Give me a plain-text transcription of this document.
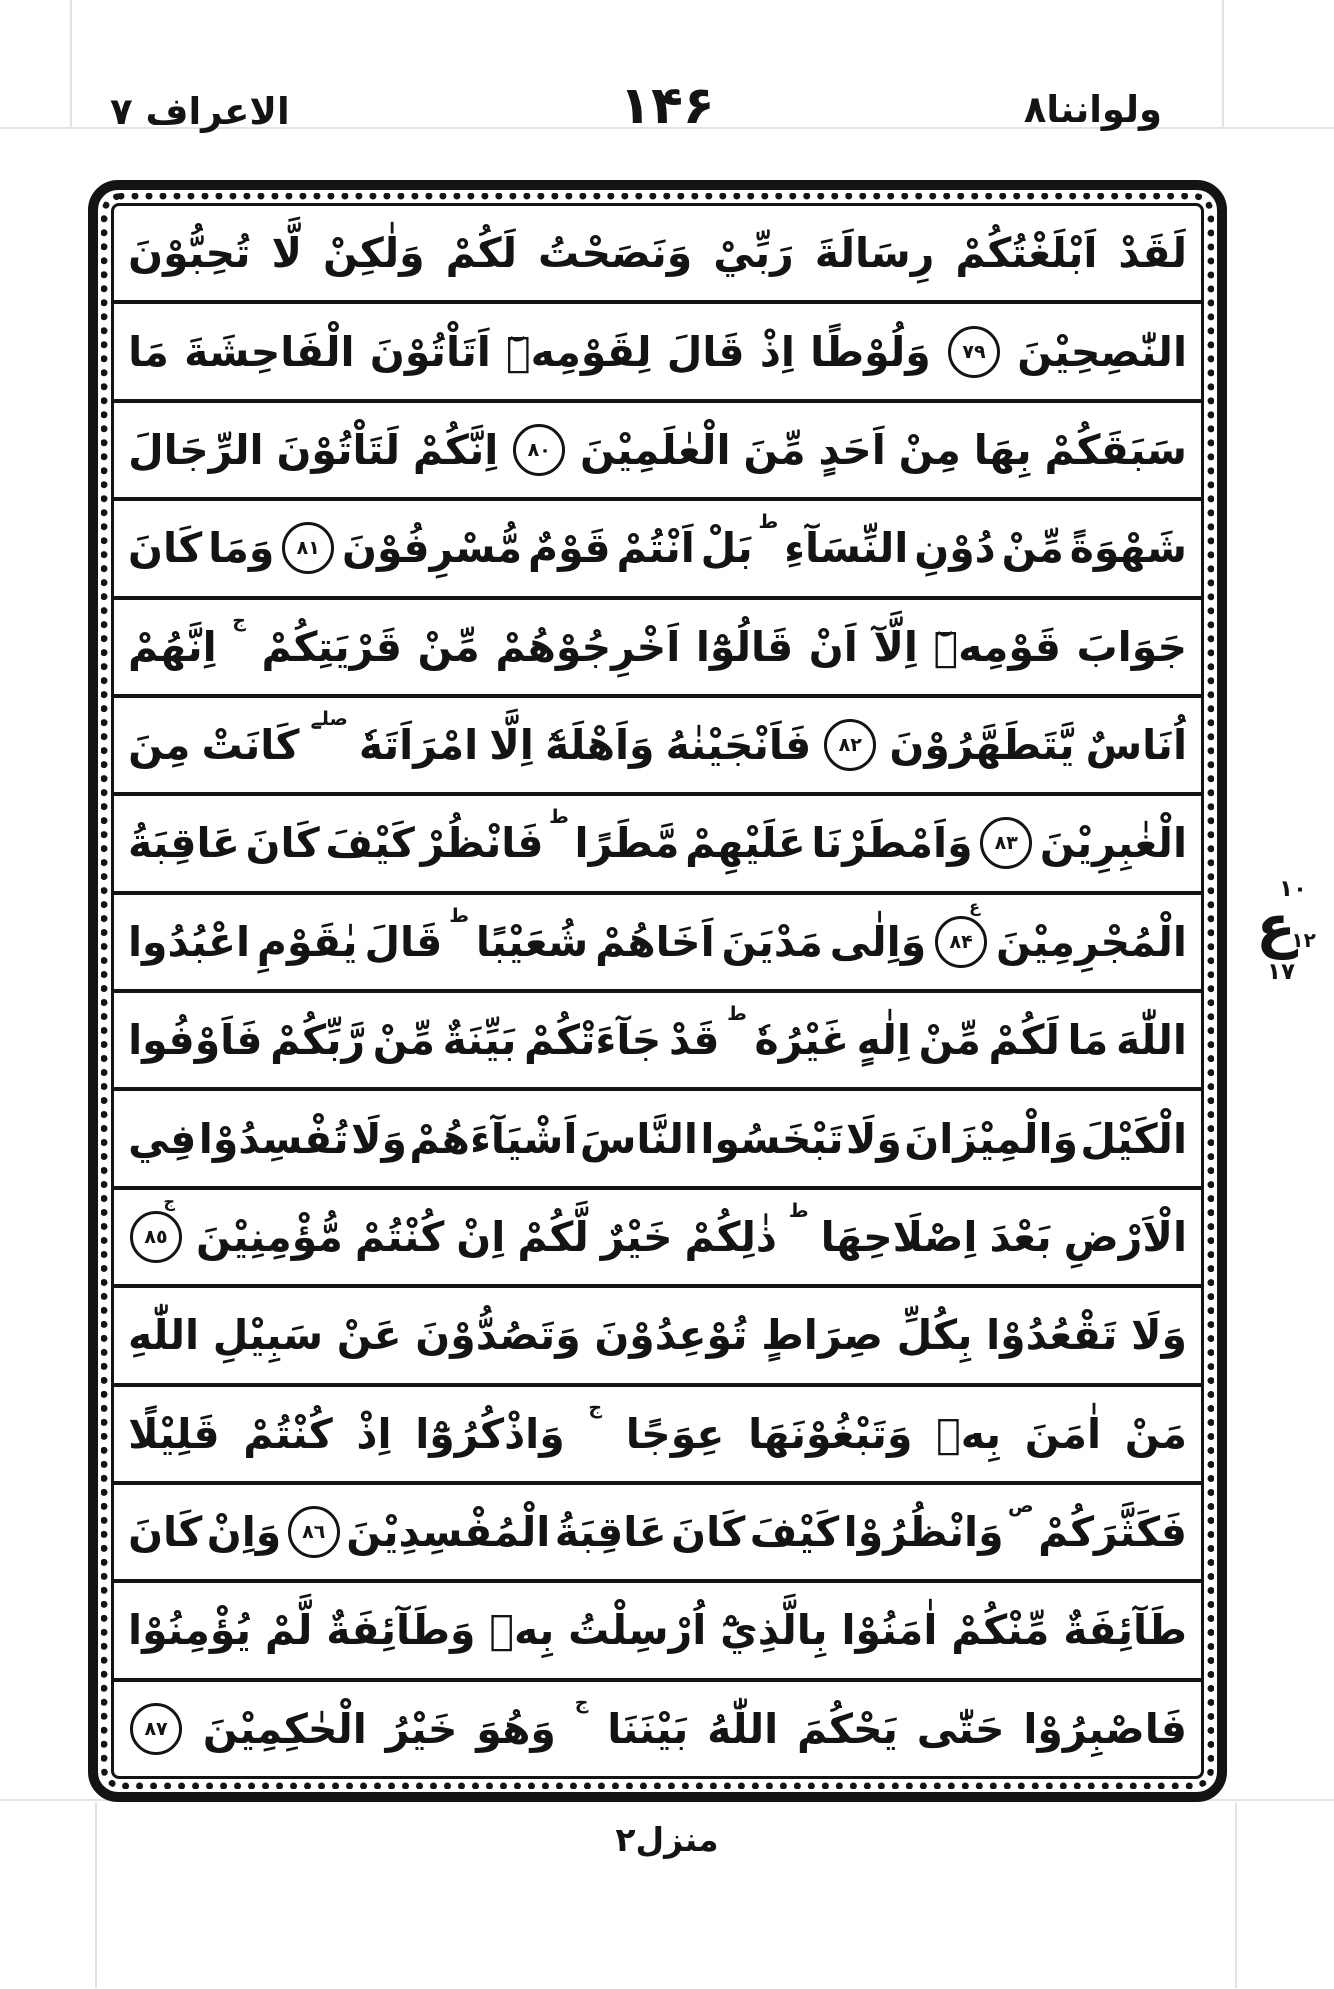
الاعراف ٧	١۴۶	ولواننا٨
لَقَدْ
اَبْلَغْتُكُمْ
رِسَالَةَ
رَبِّيْ
وَنَصَحْتُ
لَكُمْ
وَلٰكِنْ
لَّا
تُحِبُّوْنَ
النّٰصِحِيْنَ
٧٩
وَلُوْطًا
اِذْ
قَالَ
لِقَوْمِهٖٓ
اَتَاْتُوْنَ
الْفَاحِشَةَ
مَا
سَبَقَكُمْ
بِهَا
مِنْ
اَحَدٍ
مِّنَ
الْعٰلَمِيْنَ
٨٠
اِنَّكُمْ
لَتَاْتُوْنَ
الرِّجَالَ
شَهْوَةً
مِّنْ
دُوْنِ
النِّسَآءِ
ط
بَلْ
اَنْتُمْ
قَوْمٌ
مُّسْرِفُوْنَ
٨١
وَمَا
كَانَ
جَوَابَ
قَوْمِهٖٓ
اِلَّآ
اَنْ
قَالُوْٓا
اَخْرِجُوْهُمْ
مِّنْ
قَرْيَتِكُمْ
ج
اِنَّهُمْ
اُنَاسٌ
يَّتَطَهَّرُوْنَ
٨٢
فَاَنْجَيْنٰهُ
وَاَهْلَهٗٓ
اِلَّا
امْرَاَتَهٗ
صلے
كَانَتْ
مِنَ
الْغٰبِرِيْنَ
٨٣
وَاَمْطَرْنَا
عَلَيْهِمْ
مَّطَرًا
ط
فَانْظُرْ
كَيْفَ
كَانَ
عَاقِبَةُ
الْمُجْرِمِيْنَ
٨۴
ع
وَاِلٰى
مَدْيَنَ
اَخَاهُمْ
شُعَيْبًا
ط
قَالَ
يٰقَوْمِ
اعْبُدُوا
اللّٰهَ
مَا
لَكُمْ
مِّنْ
اِلٰهٍ
غَيْرُهٗ
ط
قَدْ
جَآءَتْكُمْ
بَيِّنَةٌ
مِّنْ
رَّبِّكُمْ
فَاَوْفُوا
الْكَيْلَ
وَالْمِيْزَانَ
وَلَا
تَبْخَسُوا
النَّاسَ
اَشْيَآءَهُمْ
وَلَا
تُفْسِدُوْا
فِي
الْاَرْضِ
بَعْدَ
اِصْلَاحِهَا
ط
ذٰلِكُمْ
خَيْرٌ
لَّكُمْ
اِنْ
كُنْتُمْ
مُّؤْمِنِيْنَ
٨٥
ج
وَلَا
تَقْعُدُوْا
بِكُلِّ
صِرَاطٍ
تُوْعِدُوْنَ
وَتَصُدُّوْنَ
عَنْ
سَبِيْلِ
اللّٰهِ
مَنْ
اٰمَنَ
بِهٖ
وَتَبْغُوْنَهَا
عِوَجًا
ج
وَاذْكُرُوْٓا
اِذْ
كُنْتُمْ
قَلِيْلًا
فَكَثَّرَكُمْ
ص
وَانْظُرُوْا
كَيْفَ
كَانَ
عَاقِبَةُ
الْمُفْسِدِيْنَ
٨٦
وَاِنْ
كَانَ
طَآئِفَةٌ
مِّنْكُمْ
اٰمَنُوْا
بِالَّذِيْٓ
اُرْسِلْتُ
بِهٖ
وَطَآئِفَةٌ
لَّمْ
يُؤْمِنُوْا
فَاصْبِرُوْا
حَتّٰى
يَحْكُمَ
اللّٰهُ
بَيْنَنَا
ج
وَهُوَ
خَيْرُ
الْحٰكِمِيْنَ
٨٧
١٠
ع
١٢
١٧
منزل٢
